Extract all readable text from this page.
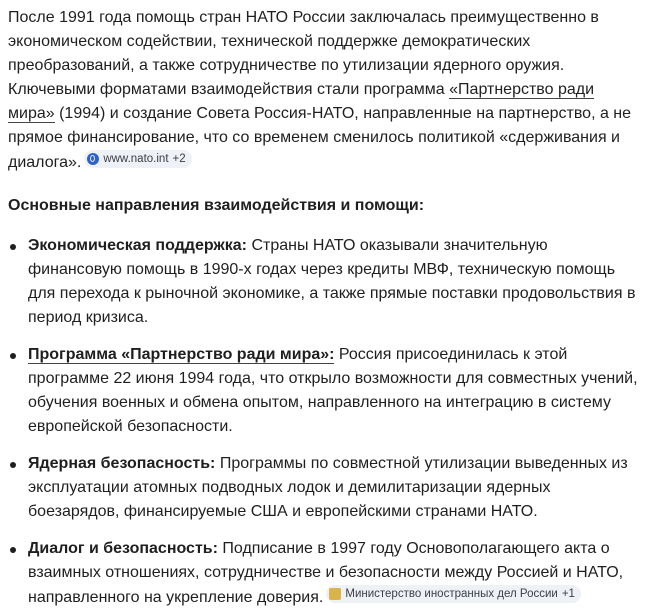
После 1991 года помощь стран НАТО России заключалась преимущественно в экономическом содействии, технической поддержке демократических преобразований, а также сотрудничестве по утилизации ядерного оружия. Ключевыми форматами взаимодействия стали программа «Партнерство ради мира» (1994) и создание Совета Россия-НАТО, направленные на партнерство, а не прямое финансирование, что со временем сменилось политикой «сдерживания и диалога». www.nato.int +2

Основные направления взаимодействия и помощи:
Экономическая поддержка: Страны НАТО оказывали значительную финансовую помощь в 1990-х годах через кредиты МВФ, техническую помощь для перехода к рыночной экономике, а также прямые поставки продовольствия в период кризиса.
Программа «Партнерство ради мира»: Россия присоединилась к этой программе 22 июня 1994 года, что открыло возможности для совместных учений, обучения военных и обмена опытом, направленного на интеграцию в систему европейской безопасности.
Ядерная безопасность: Программы по совместной утилизации выведенных из эксплуатации атомных подводных лодок и демилитаризации ядерных боезарядов, финансируемые США и европейскими странами НАТО.
Диалог и безопасность: Подписание в 1997 году Основополагающего акта о взаимных отношениях, сотрудничестве и безопасности между Россией и НАТО, направленного на укрепление доверия. Министерство иностранных дел России +1
